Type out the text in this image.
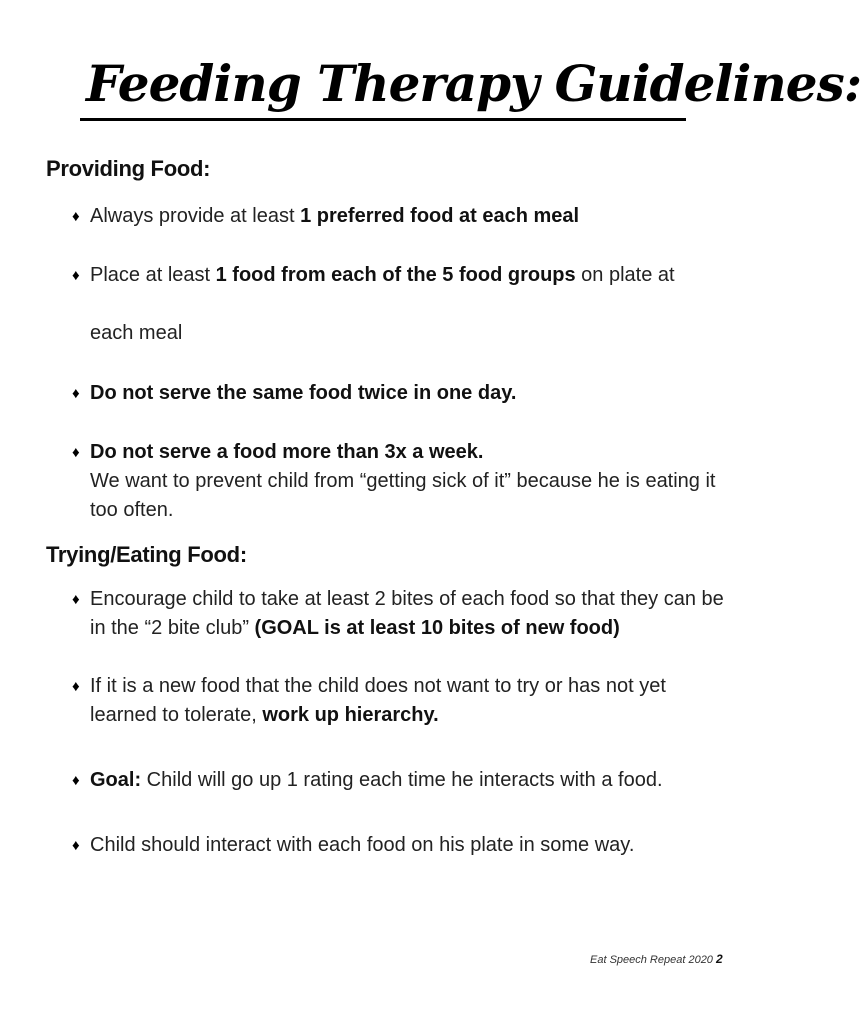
Feeding Therapy Guidelines:
Providing Food:
♦ Always provide at least 1 preferred food at each meal
♦ Place at least 1 food from each of the 5 food groups on plate at
each meal
♦ Do not serve the same food twice in one day.
♦ Do not serve a food more than 3x a week.
We want to prevent child from “getting sick of it” because he is eating it too often.
Trying/Eating Food:
♦ Encourage child to take at least 2 bites of each food so that they can be in the “2 bite club” (GOAL is at least 10 bites of new food)
♦ If it is a new food that the child does not want to try or has not yet learned to tolerate, work up hierarchy.
♦ Goal: Child will go up 1 rating each time he interacts with a food.
♦ Child should interact with each food on his plate in some way.
Eat Speech Repeat 2020 2
